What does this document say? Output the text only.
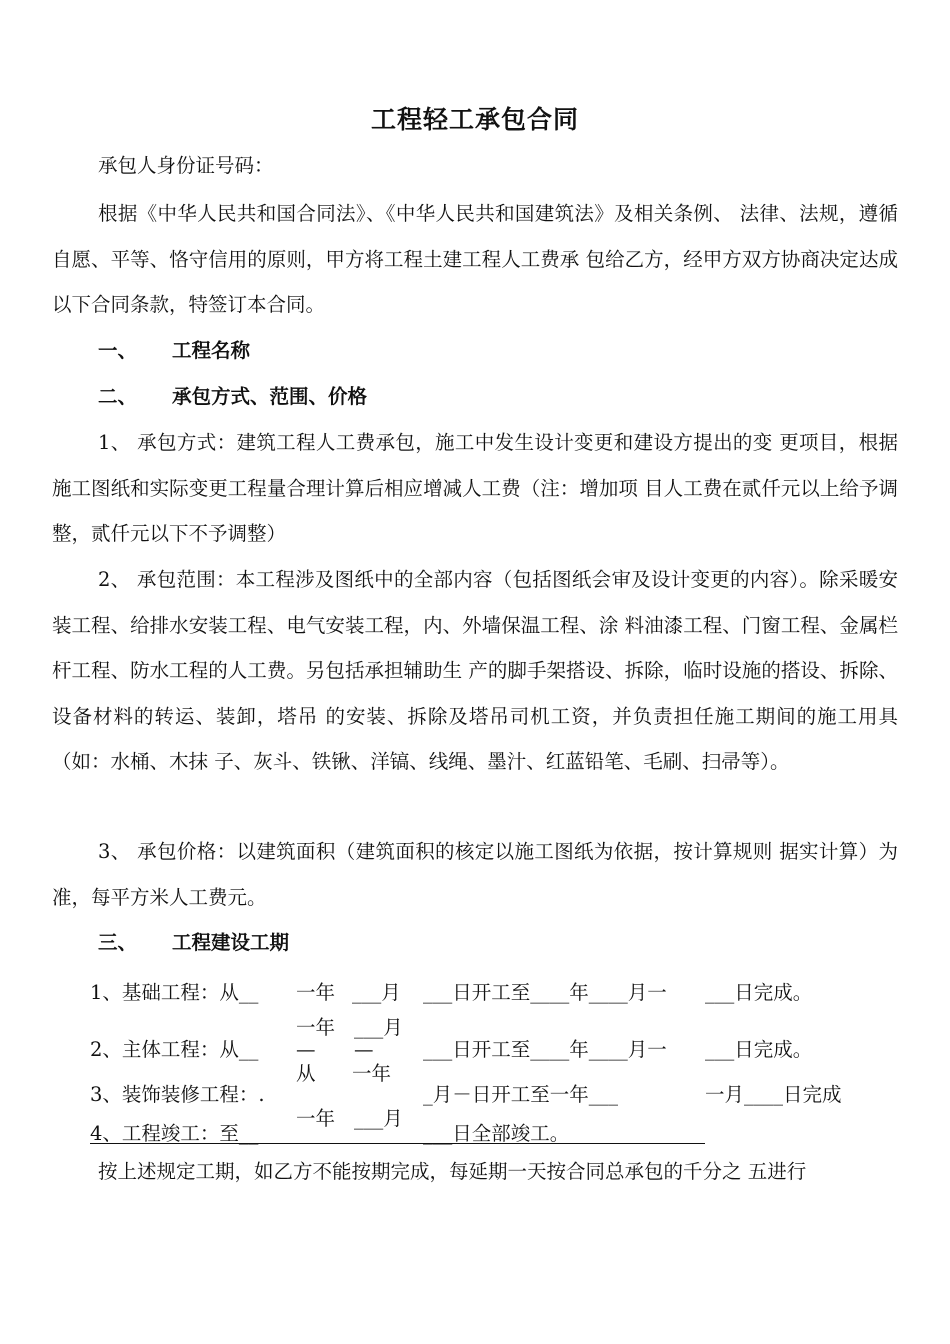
工程轻工承包合同
承包人身份证号码：
根据《中华人民共和国合同法》、《中华人民共和国建筑法》及相关条例、 法律、法规，遵循自愿、平等、恪守信用的原则，甲方将工程土建工程人工费承 包给乙方，经甲方双方协商决定达成以下合同条款，特签订本合同。
一、 工程名称
二、 承包方式、范围、价格
1、 承包方式：建筑工程人工费承包，施工中发生设计变更和建设方提出的变 更项目，根据施工图纸和实际变更工程量合理计算后相应增减人工费（注：增加项 目人工费在贰仟元以上给予调整，贰仟元以下不予调整）
2、 承包范围：本工程涉及图纸中的全部内容（包括图纸会审及设计变更的内容）。除采暖安装工程、给排水安装工程、电气安装工程，内、外墙保温工程、涂 料油漆工程、门窗工程、金属栏杆工程、防水工程的人工费。另包括承担辅助生 产的脚手架搭设、拆除，临时设施的搭设、拆除、设备材料的转运、装卸，塔吊 的安装、拆除及塔吊司机工资，并负责担任施工期间的施工用具（如：水桶、木抹 子、灰斗、铁锹、洋镐、线绳、墨汁、红蓝铅笔、毛刷、扫帚等）。
3、 承包价格：以建筑面积（建筑面积的核定以施工图纸为依据，按计算规则 据实计算）为准，每平方米人工费元。
三、 工程建设工期
1、基础工程：从__ 一年 ___月 ___日开工至____年____月一 ___日完成。
一年 ___月
2、主体工程：从__ — —	___日开工至____年____月一 ___日完成。
从 一年
3、装饰装修工程：.	_月－日开工至一年___	一月____日完成
一年 ___月
4、工程竣工：至__	___日全部竣工。
按上述规定工期，如乙方不能按期完成，每延期一天按合同总承包的千分之 五进行
